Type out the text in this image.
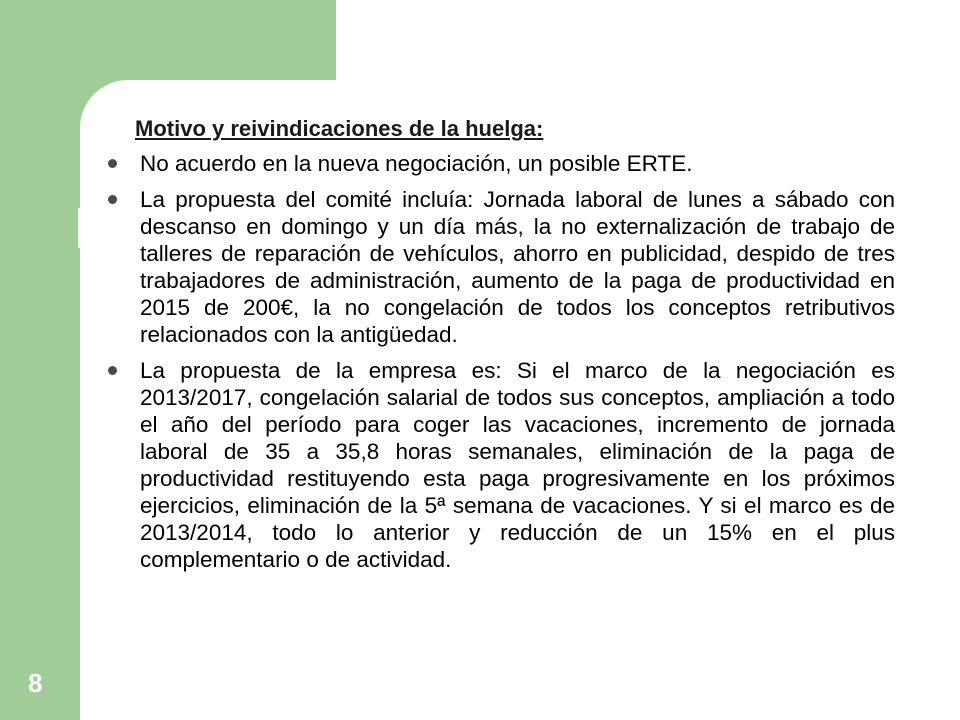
Motivo y reivindicaciones de la huelga:
No acuerdo en la nueva negociación, un posible ERTE.
La propuesta del comité incluía: Jornada laboral de lunes a sábado con descanso en domingo y un día más, la no externalización de trabajo de talleres de reparación de vehículos, ahorro en publicidad, despido de tres trabajadores de administración, aumento de la paga de productividad en 2015 de 200€, la no congelación de todos los conceptos retributivos relacionados con la antigüedad.
La propuesta de la empresa es: Si el marco de la negociación es 2013/2017, congelación salarial de todos sus conceptos, ampliación a todo el año del período para coger las vacaciones, incremento de jornada laboral de 35 a 35,8 horas semanales, eliminación de la paga de productividad restituyendo esta paga progresivamente en los próximos ejercicios, eliminación de la 5ª semana de vacaciones. Y si el marco es de 2013/2014, todo lo anterior y reducción de un 15% en el plus complementario o de actividad.
8
